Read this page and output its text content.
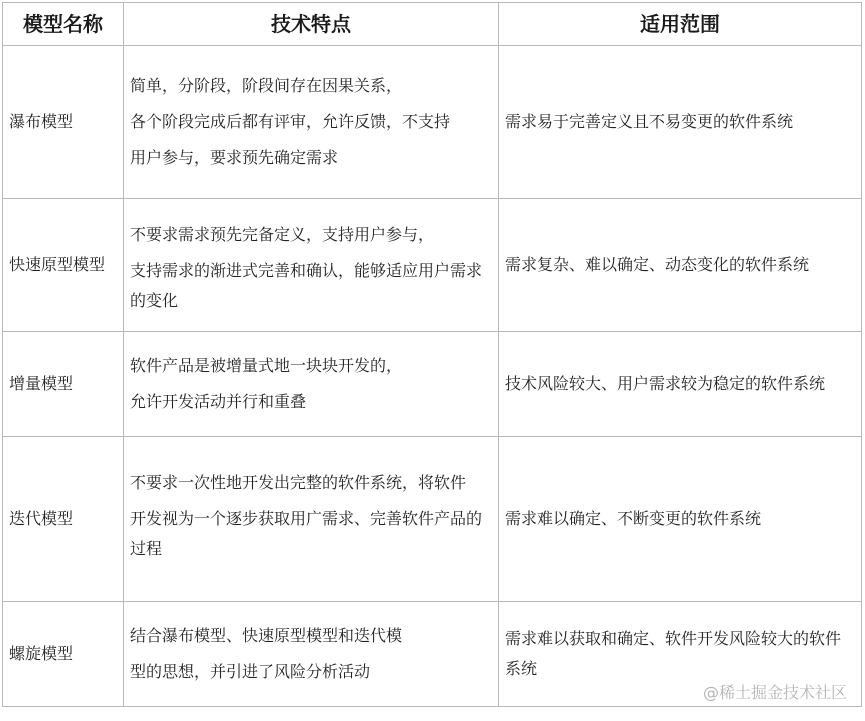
模型名称	技术特点	适用范围
瀑布模型	简单，分阶段，阶段间存在因果关系，
各个阶段完成后都有评审，允许反馈，不支持
用户参与，要求预先确定需求	需求易于完善定义且不易变更的软件系统

快速原型模型	不要求需求预先完备定义，支持用户参与，
支持需求的渐进式完善和确认，能够适应用户需求的变化	需求复杂、难以确定、动态变化的软件系统

增量模型	软件产品是被增量式地一块块开发的，
允许开发活动并行和重叠	技术风险较大、用户需求较为稳定的软件系统

迭代模型	不要求一次性地开发出完整的软件系统，将软件
开发视为一个逐步获取用广需求、完善软件产品的过程	需求难以确定、不断变更的软件系统

螺旋模型	结合瀑布模型、快速原型模型和迭代模
型的思想，并引进了风险分析活动	需求难以获取和确定、软件开发风险较大的软件系统
@稀土掘金技术社区
